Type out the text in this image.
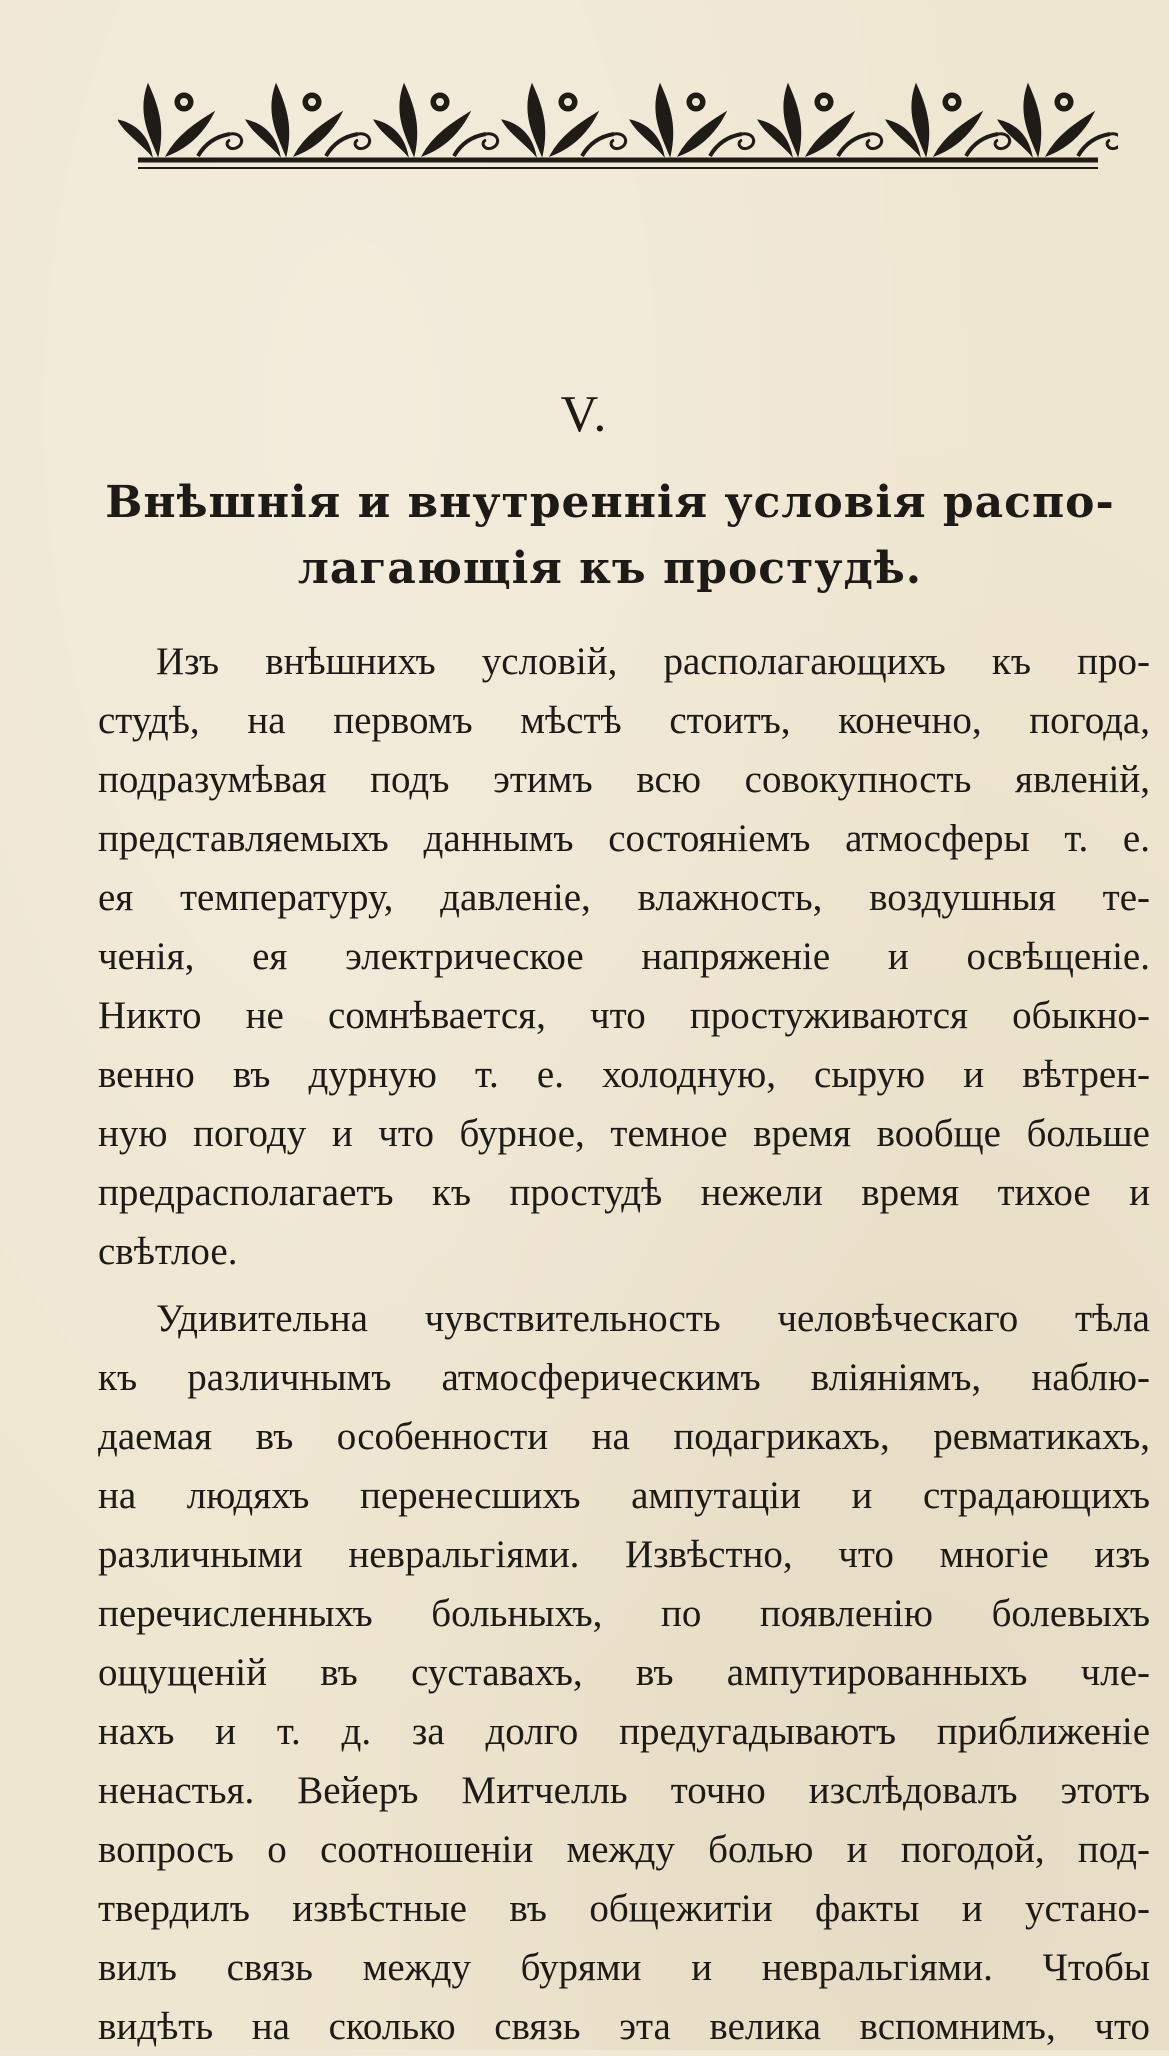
V.
Внѣшнія и внутреннія условія распо-
лагающія къ простудѣ.

Изъ внѣшнихъ условій, располагающихъ къ про-
студѣ, на первомъ мѣстѣ стоитъ, конечно, погода,
подразумѣвая подъ этимъ всю совокупность явленій,
представляемыхъ даннымъ состояніемъ атмосферы т. е.
ея температуру, давленіе, влажность, воздушныя те-
ченія, ея электрическое напряженіе и освѣщеніе.
Никто не сомнѣвается, что простуживаются обыкно-
венно въ дурную т. е. холодную, сырую и вѣтрен-
ную погоду и что бурное, темное время вообще больше
предрасполагаетъ къ простудѣ нежели время тихое и
свѣтлое.

Удивительна чувствительность человѣческаго тѣла
къ различнымъ атмосферическимъ вліяніямъ, наблю-
даемая въ особенности на подагрикахъ, ревматикахъ,
на людяхъ перенесшихъ ампутаціи и страдающихъ
различными невральгіями. Извѣстно, что многіе изъ
перечисленныхъ больныхъ, по появленію болевыхъ
ощущеній въ суставахъ, въ ампутированныхъ чле-
нахъ и т. д. за долго предугадываютъ приближеніе
ненастья. Вейеръ Митчелль точно изслѣдовалъ этотъ
вопросъ о соотношеніи между болью и погодой, под-
твердилъ извѣстные въ общежитіи факты и устано-
вилъ связь между бурями и невральгіями. Чтобы
видѣть на сколько связь эта велика вспомнимъ, что
